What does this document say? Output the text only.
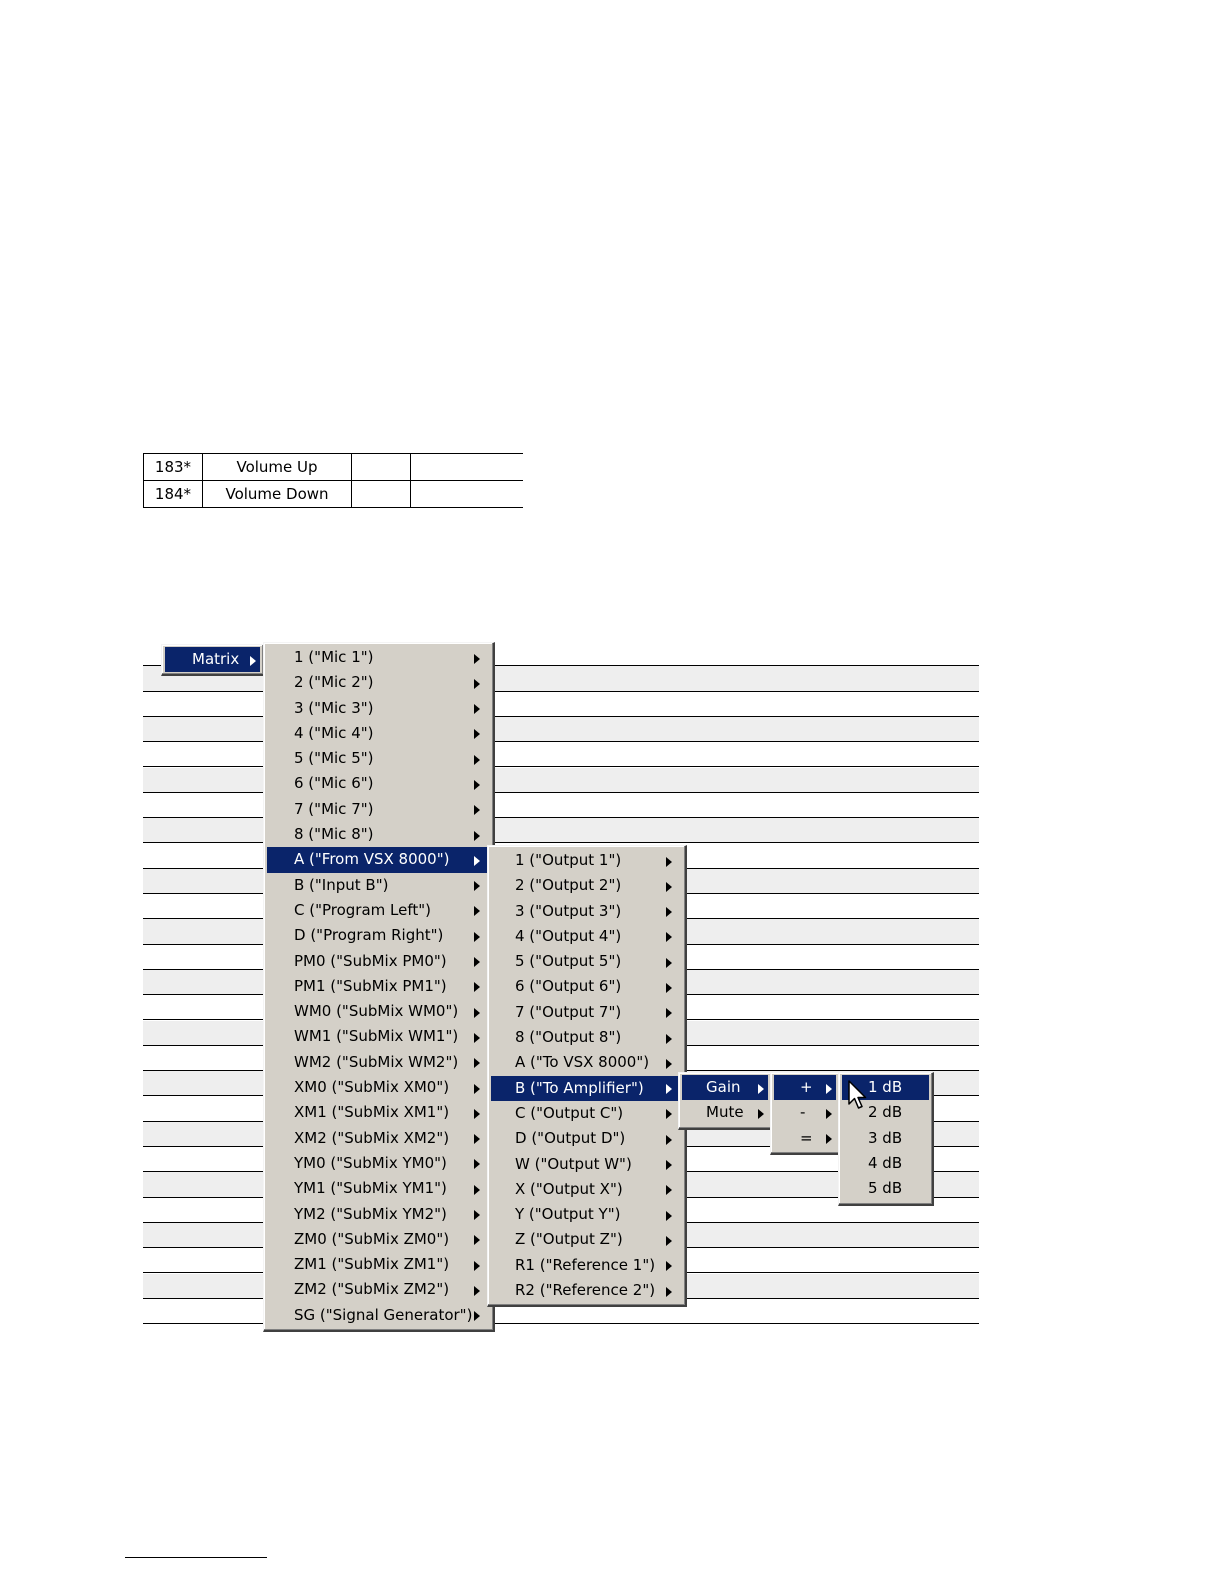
183*	Volume Up		
184*	Volume Down		
Matrix	1 ("Mic 1")
2 ("Mic 2")
3 ("Mic 3")
4 ("Mic 4")
5 ("Mic 5")
6 ("Mic 6")
7 ("Mic 7")
8 ("Mic 8")
A ("From VSX 8000")
B ("Input B")
C ("Program Left")
D ("Program Right")
PM0 ("SubMix PM0")
PM1 ("SubMix PM1")
WM0 ("SubMix WM0")
WM1 ("SubMix WM1")
WM2 ("SubMix WM2")
XM0 ("SubMix XM0")
XM1 ("SubMix XM1")
XM2 ("SubMix XM2")
YM0 ("SubMix YM0")
YM1 ("SubMix YM1")
YM2 ("SubMix YM2")
ZM0 ("SubMix ZM0")
ZM1 ("SubMix ZM1")
ZM2 ("SubMix ZM2")
SG ("Signal Generator")
1 ("Output 1")
2 ("Output 2")
3 ("Output 3")
4 ("Output 4")
5 ("Output 5")
6 ("Output 6")
7 ("Output 7")
8 ("Output 8")
A ("To VSX 8000")
B ("To Amplifier")
C ("Output C")
D ("Output D")
W ("Output W")
X ("Output X")
Y ("Output Y")
Z ("Output Z")
R1 ("Reference 1")
R2 ("Reference 2")
Gain
Mute
+
-
=
1 dB
2 dB
3 dB
4 dB
5 dB
